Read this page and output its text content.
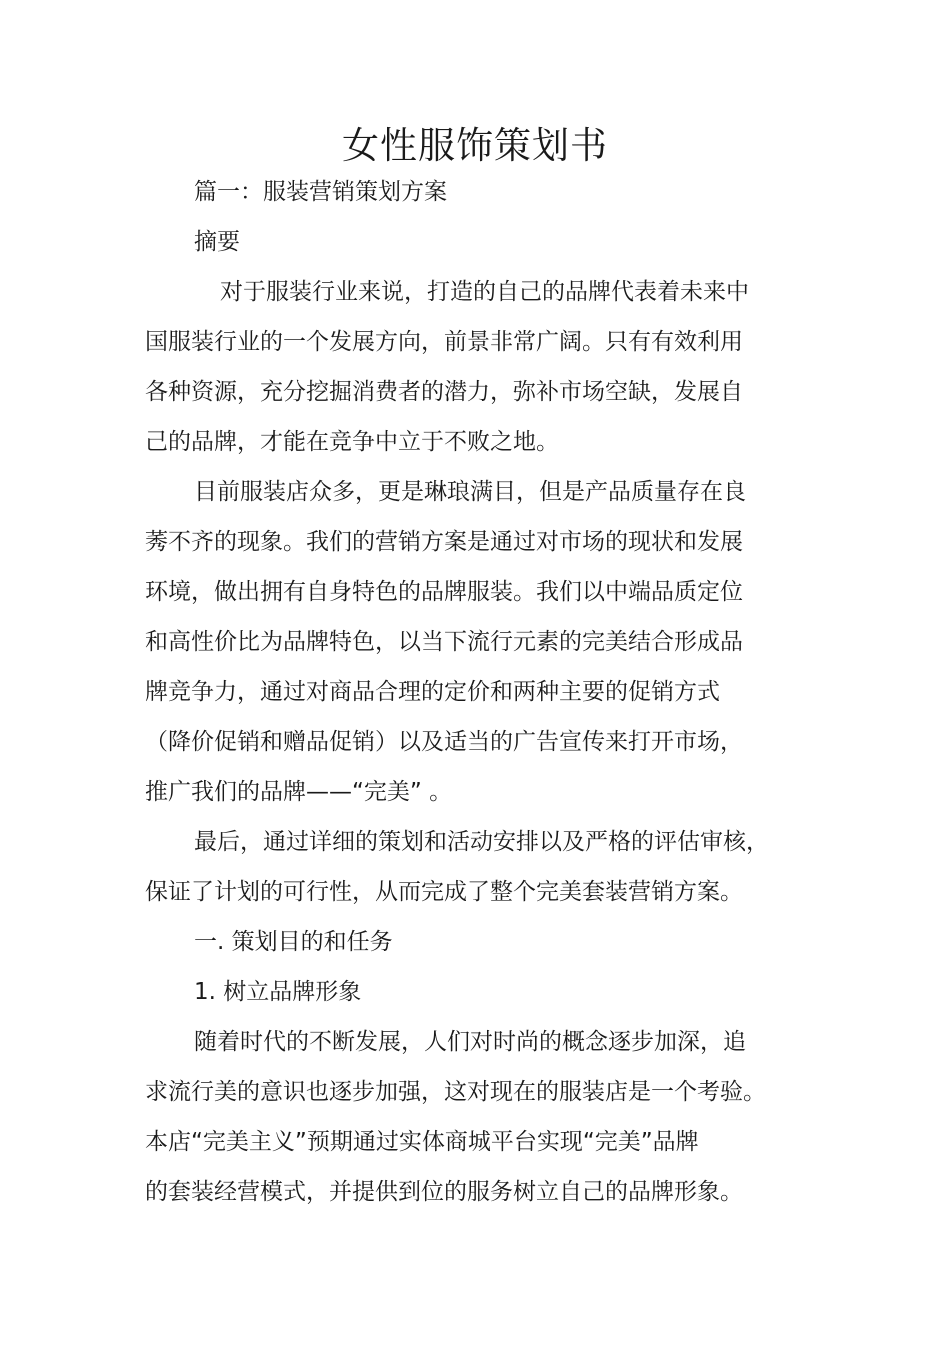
女性服饰策划书

篇一：服装营销策划方案

摘要

对于服装行业来说，打造的自己的品牌代表着未来中

国服装行业的一个发展方向，前景非常广阔。只有有效利用

各种资源，充分挖掘消费者的潜力，弥补市场空缺，发展自

己的品牌，才能在竞争中立于不败之地。

目前服装店众多，更是琳琅满目，但是产品质量存在良

莠不齐的现象。我们的营销方案是通过对市场的现状和发展

环境，做出拥有自身特色的品牌服装。我们以中端品质定位

和高性价比为品牌特色，以当下流行元素的完美结合形成品

牌竞争力，通过对商品合理的定价和两种主要的促销方式

（降价促销和赠品促销）以及适当的广告宣传来打开市场，

推广我们的品牌——“完美” 。

最后，通过详细的策划和活动安排以及严格的评估审核，

保证了计划的可行性，从而完成了整个完美套装营销方案。

一. 策划目的和任务

1. 树立品牌形象

随着时代的不断发展，人们对时尚的概念逐步加深，追

求流行美的意识也逐步加强，这对现在的服装店是一个考验。

本店“完美主义”预期通过实体商城平台实现“完美”品牌

的套装经营模式，并提供到位的服务树立自己的品牌形象。
